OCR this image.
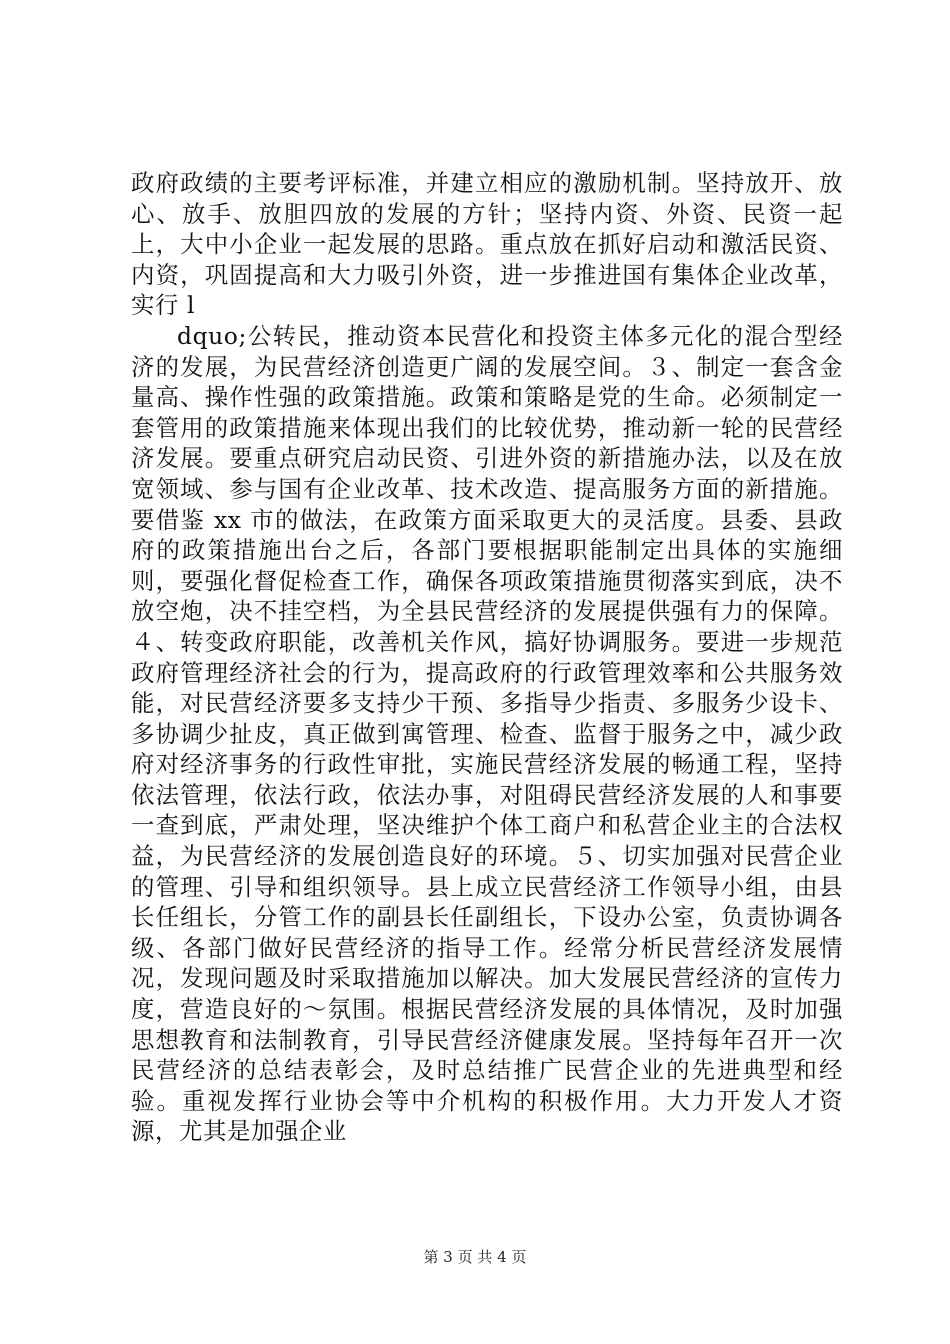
政府政绩的主要考评标准，并建立相应的激励机制。坚持放开、放心、放手、放胆四放的发展的方针；坚持内资、外资、民资一起上，大中小企业一起发展的思路。重点放在抓好启动和激活民资、内资，巩固提高和大力吸引外资，进一步推进国有集体企业改革，实行 l

dquo;公转民，推动资本民营化和投资主体多元化的混合型经济的发展，为民营经济创造更广阔的发展空间。３、制定一套含金量高、操作性强的政策措施。政策和策略是党的生命。必须制定一套管用的政策措施来体现出我们的比较优势，推动新一轮的民营经济发展。要重点研究启动民资、引进外资的新措施办法，以及在放宽领域、参与国有企业改革、技术改造、提高服务方面的新措施。要借鉴 xx 市的做法，在政策方面采取更大的灵活度。县委、县政府的政策措施出台之后，各部门要根据职能制定出具体的实施细则，要强化督促检查工作，确保各项政策措施贯彻落实到底，决不放空炮，决不挂空档，为全县民营经济的发展提供强有力的保障。４、转变政府职能，改善机关作风，搞好协调服务。要进一步规范政府管理经济社会的行为，提高政府的行政管理效率和公共服务效能，对民营经济要多支持少干预、多指导少指责、多服务少设卡、多协调少扯皮，真正做到寓管理、检查、监督于服务之中，减少政府对经济事务的行政性审批，实施民营经济发展的畅通工程，坚持依法管理，依法行政，依法办事，对阻碍民营经济发展的人和事要一查到底，严肃处理，坚决维护个体工商户和私营企业主的合法权益，为民营经济的发展创造良好的环境。５、切实加强对民营企业的管理、引导和组织领导。县上成立民营经济工作领导小组，由县长任组长，分管工作的副县长任副组长，下设办公室，负责协调各级、各部门做好民营经济的指导工作。经常分析民营经济发展情况，发现问题及时采取措施加以解决。加大发展民营经济的宣传力度，营造良好的～氛围。根据民营经济发展的具体情况，及时加强思想教育和法制教育，引导民营经济健康发展。坚持每年召开一次民营经济的总结表彰会，及时总结推广民营企业的先进典型和经验。重视发挥行业协会等中介机构的积极作用。大力开发人才资源，尤其是加强企业

第 3 页 共 4 页
